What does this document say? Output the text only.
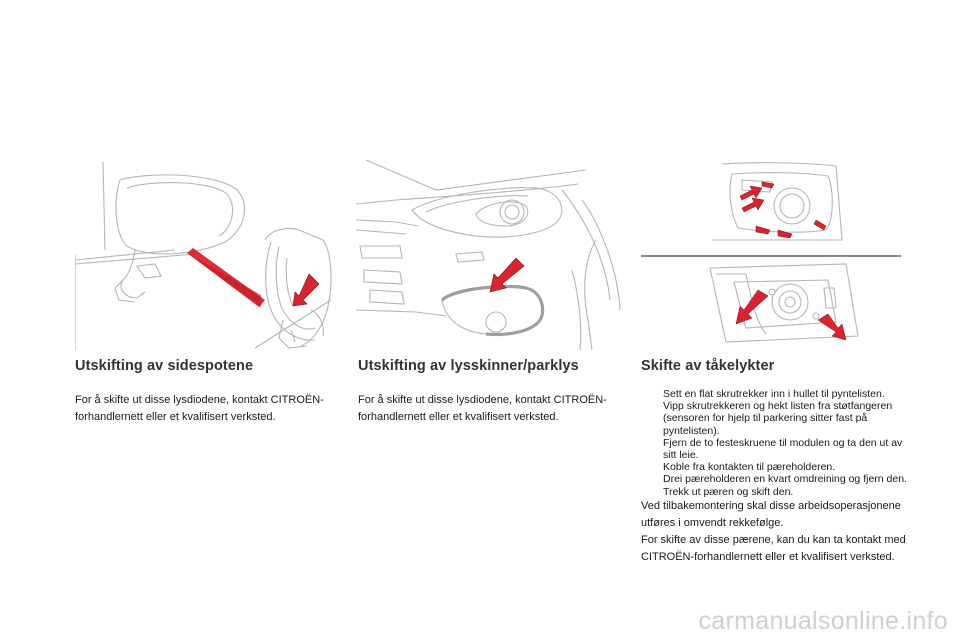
Utskifting av sidespotene

For å skifte ut disse lysdiodene, kontakt CITROËN-forhandlernett eller et kvalifisert verksted.

Utskifting av lysskinner/parklys

For å skifte ut disse lysdiodene, kontakt CITROËN-forhandlernett eller et kvalifisert verksted.

Skifte av tåkelykter
Sett en flat skrutrekker inn i hullet til pyntelisten.
Vipp skrutrekkeren og hekt listen fra støtfangeren (sensoren for hjelp til parkering sitter fast på pyntelisten).
Fjern de to festeskruene til modulen og ta den ut av sitt leie.
Koble fra kontakten til pæreholderen.
Drei pæreholderen en kvart omdreining og fjern den.
Trekk ut pæren og skift den.

Ved tilbakemontering skal disse arbeidsoperasjonene utføres i omvendt rekkefølge.

For skifte av disse pærene, kan du kan ta kontakt med CITROËN-forhandlernett eller et kvalifisert verksted.

carmanualsonline.info
